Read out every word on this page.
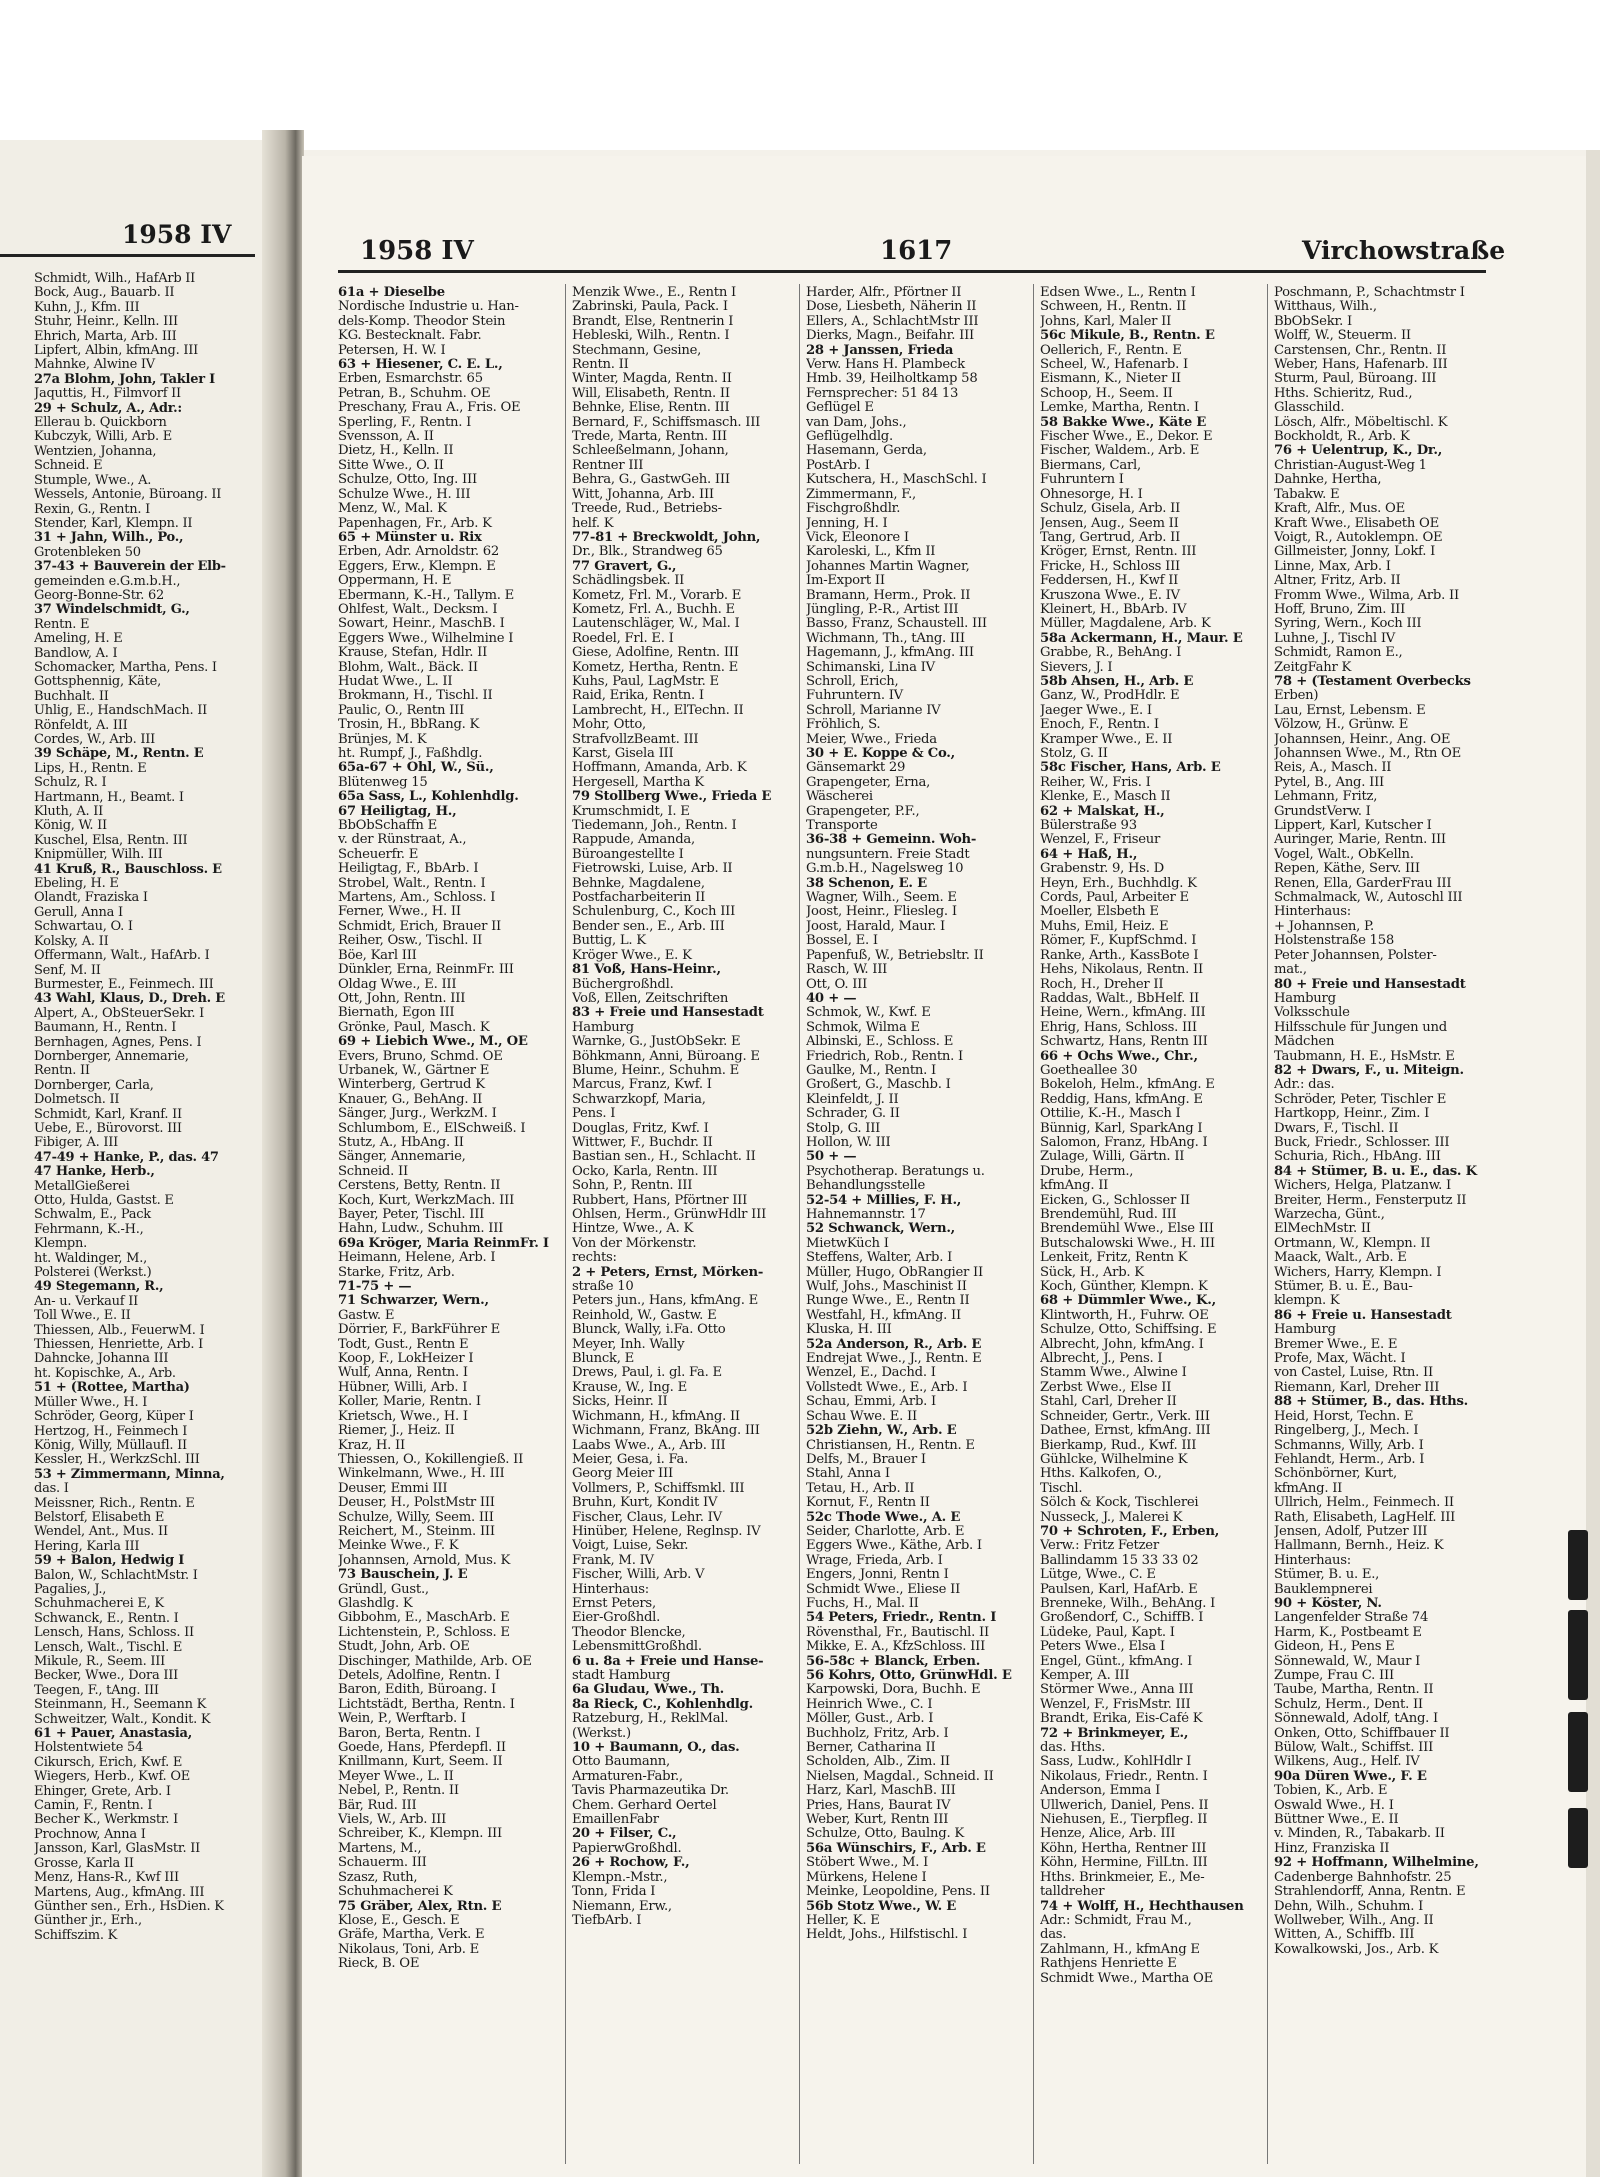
1958 IV
Schmidt, Wilh., HafArb II
Bock, Aug., Bauarb. II
Kuhn, J., Kfm. III
Stuhr, Heinr., Kelln. III
Ehrich, Marta, Arb. III
Lipfert, Albin, kfmAng. III
Mahnke, Alwine IV
27a Blohm, John, Takler I
Jaquttis, H., Filmvorf II
29 + Schulz, A., Adr.:
Ellerau b. Quickborn
Kubczyk, Willi, Arb. E
Wentzien, Johanna,
Schneid. E
Stumple, Wwe., A.
Wessels, Antonie, Büroang. II
Rexin, G., Rentn. I
Stender, Karl, Klempn. II
31 + Jahn, Wilh., Po.,
Grotenbleken 50
37-43 + Bauverein der Elb-
gemeinden e.G.m.b.H.,
Georg-Bonne-Str. 62
37 Windelschmidt, G.,
Rentn. E
Ameling, H. E
Bandlow, A. I
Schomacker, Martha, Pens. I
Gottsphennig, Käte,
Buchhalt. II
Uhlig, E., HandschMach. II
Rönfeldt, A. III
Cordes, W., Arb. III
39 Schäpe, M., Rentn. E
Lips, H., Rentn. E
Schulz, R. I
Hartmann, H., Beamt. I
Kluth, A. II
König, W. II
Kuschel, Elsa, Rentn. III
Knipmüller, Wilh. III
41 Kruß, R., Bauschloss. E
Ebeling, H. E
Olandt, Fraziska I
Gerull, Anna I
Schwartau, O. I
Kolsky, A. II
Offermann, Walt., HafArb. I
Senf, M. II
Burmester, E., Feinmech. III
43 Wahl, Klaus, D., Dreh. E
Alpert, A., ObSteuerSekr. I
Baumann, H., Rentn. I
Bernhagen, Agnes, Pens. I
Dornberger, Annemarie,
Rentn. II
Dornberger, Carla,
Dolmetsch. II
Schmidt, Karl, Kranf. II
Uebe, E., Bürovorst. III
Fibiger, A. III
47-49 + Hanke, P., das. 47
47 Hanke, Herb.,
MetallGießerei
Otto, Hulda, Gastst. E
Schwalm, E., Pack
Fehrmann, K.-H.,
Klempn.
ht. Waldinger, M.,
Polsterei (Werkst.)
49 Stegemann, R.,
An- u. Verkauf II
Toll Wwe., E. II
Thiessen, Alb., FeuerwM. I
Thiessen, Henriette, Arb. I
Dahncke, Johanna III
ht. Kopischke, A., Arb.
51 + (Rottee, Martha)
Müller Wwe., H. I
Schröder, Georg, Küper I
Hertzog, H., Feinmech I
König, Willy, Müllaufl. II
Kessler, H., WerkzSchl. III
53 + Zimmermann, Minna,
das. I
Meissner, Rich., Rentn. E
Belstorf, Elisabeth E
Wendel, Ant., Mus. II
Hering, Karla III
59 + Balon, Hedwig I
Balon, W., SchlachtMstr. I
Pagalies, J.,
Schuhmacherei E, K
Schwanck, E., Rentn. I
Lensch, Hans, Schloss. II
Lensch, Walt., Tischl. E
Mikule, R., Seem. III
Becker, Wwe., Dora III
Teegen, F., tAng. III
Steinmann, H., Seemann K
Schweitzer, Walt., Kondit. K
61 + Pauer, Anastasia,
Holstentwiete 54
Cikursch, Erich, Kwf. E
Wiegers, Herb., Kwf. OE
Ehinger, Grete, Arb. I
Camin, F., Rentn. I
Becher K., Werkmstr. I
Prochnow, Anna I
Jansson, Karl, GlasMstr. II
Grosse, Karla II
Menz, Hans-R., Kwf III
Martens, Aug., kfmAng. III
Günther sen., Erh., HsDien. K
Günther jr., Erh.,
Schiffszim. K
1958 IV	1617	Virchowstraße
61a + Dieselbe
Nordische Industrie u. Han-
dels-Komp. Theodor Stein
KG. Bestecknalt. Fabr.
Petersen, H. W. I
63 + Hiesener, C. E. L.,
Erben, Esmarchstr. 65
Petran, B., Schuhm. OE
Preschany, Frau A., Fris. OE
Sperling, F., Rentn. I
Svensson, A. II
Dietz, H., Kelln. II
Sitte Wwe., O. II
Schulze, Otto, Ing. III
Schulze Wwe., H. III
Menz, W., Mal. K
Papenhagen, Fr., Arb. K
65 + Münster u. Rix
Erben, Adr. Arnoldstr. 62
Eggers, Erw., Klempn. E
Oppermann, H. E
Ebermann, K.-H., Tallym. E
Ohlfest, Walt., Decksm. I
Sowart, Heinr., MaschB. I
Eggers Wwe., Wilhelmine I
Krause, Stefan, Hdlr. II
Blohm, Walt., Bäck. II
Hudat Wwe., L. II
Brokmann, H., Tischl. II
Paulic, O., Rentn III
Trosin, H., BbRang. K
Brünjes, M. K
ht. Rumpf, J., Faßhdlg.
65a-67 + Ohl, W., Sü.,
Blütenweg 15
65a Sass, L., Kohlenhdlg.
67 Heiligtag, H.,
BbObSchaffn E
v. der Rünstraat, A.,
Scheuerfr. E
Heiligtag, F., BbArb. I
Strobel, Walt., Rentn. I
Martens, Am., Schloss. I
Ferner, Wwe., H. II
Schmidt, Erich, Brauer II
Reiher, Osw., Tischl. II
Böe, Karl III
Dünkler, Erna, ReinmFr. III
Oldag Wwe., E. III
Ott, John, Rentn. III
Biernath, Egon III
Grönke, Paul, Masch. K
69 + Liebich Wwe., M., OE
Evers, Bruno, Schmd. OE
Urbanek, W., Gärtner E
Winterberg, Gertrud K
Knauer, G., BehAng. II
Sänger, Jurg., WerkzM. I
Schlumbom, E., ElSchweiß. I
Stutz, A., HbAng. II
Sänger, Annemarie,
Schneid. II
Cerstens, Betty, Rentn. II
Koch, Kurt, WerkzMach. III
Bayer, Peter, Tischl. III
Hahn, Ludw., Schuhm. III
69a Kröger, Maria ReinmFr. I
Heimann, Helene, Arb. I
Starke, Fritz, Arb.
71-75 + —
71 Schwarzer, Wern.,
Gastw. E
Dörrier, F., BarkFührer E
Todt, Gust., Rentn E
Koop, F., LokHeizer I
Wulf, Anna, Rentn. I
Hübner, Willi, Arb. I
Koller, Marie, Rentn. I
Krietsch, Wwe., H. I
Riemer, J., Heiz. II
Kraz, H. II
Thiessen, O., Kokillengieß. II
Winkelmann, Wwe., H. III
Deuser, Emmi III
Deuser, H., PolstMstr III
Schulze, Willy, Seem. III
Reichert, M., Steinm. III
Meinke Wwe., F. K
Johannsen, Arnold, Mus. K
73 Bauschein, J. E
Gründl, Gust.,
Glashdlg. K
Gibbohm, E., MaschArb. E
Lichtenstein, P., Schloss. E
Studt, John, Arb. OE
Dischinger, Mathilde, Arb. OE
Detels, Adolfine, Rentn. I
Baron, Edith, Büroang. I
Lichtstädt, Bertha, Rentn. I
Wein, P., Werftarb. I
Baron, Berta, Rentn. I
Goede, Hans, Pferdepfl. II
Knillmann, Kurt, Seem. II
Meyer Wwe., L. II
Nebel, P., Rentn. II
Bär, Rud. III
Viels, W., Arb. III
Schreiber, K., Klempn. III
Martens, M.,
Schauerm. III
Szasz, Ruth,
Schuhmacherei K
75 Gräber, Alex, Rtn. E
Klose, E., Gesch. E
Gräfe, Martha, Verk. E
Nikolaus, Toni, Arb. E
Rieck, B. OE
Menzik Wwe., E., Rentn I
Zabrinski, Paula, Pack. I
Brandt, Else, Rentnerin I
Hebleski, Wilh., Rentn. I
Stechmann, Gesine,
Rentn. II
Winter, Magda, Rentn. II
Will, Elisabeth, Rentn. II
Behnke, Elise, Rentn. III
Bernard, F., Schiffsmasch. III
Trede, Marta, Rentn. III
Schleeßelmann, Johann,
Rentner III
Behra, G., GastwGeh. III
Witt, Johanna, Arb. III
Treede, Rud., Betriebs-
helf. K
77-81 + Breckwoldt, John,
Dr., Blk., Strandweg 65
77 Gravert, G.,
Schädlingsbek. II
Kometz, Frl. M., Vorarb. E
Kometz, Frl. A., Buchh. E
Lautenschläger, W., Mal. I
Roedel, Frl. E. I
Giese, Adolfine, Rentn. III
Kometz, Hertha, Rentn. E
Kuhs, Paul, LagMstr. E
Raid, Erika, Rentn. I
Lambrecht, H., ElTechn. II
Mohr, Otto,
StrafvollzBeamt. III
Karst, Gisela III
Hoffmann, Amanda, Arb. K
Hergesell, Martha K
79 Stollberg Wwe., Frieda E
Krumschmidt, I. E
Tiedemann, Joh., Rentn. I
Rappude, Amanda,
Büroangestellte I
Fietrowski, Luise, Arb. II
Behnke, Magdalene,
Postfacharbeiterin II
Schulenburg, C., Koch III
Bender sen., E., Arb. III
Buttig, L. K
Kröger Wwe., E. K
81 Voß, Hans-Heinr.,
Büchergroßhdl.
Voß, Ellen, Zeitschriften
83 + Freie und Hansestadt
Hamburg
Warnke, G., JustObSekr. E
Böhkmann, Anni, Büroang. E
Blume, Heinr., Schuhm. E
Marcus, Franz, Kwf. I
Schwarzkopf, Maria,
Pens. I
Douglas, Fritz, Kwf. I
Wittwer, F., Buchdr. II
Bastian sen., H., Schlacht. II
Ocko, Karla, Rentn. III
Sohn, P., Rentn. III
Rubbert, Hans, Pförtner III
Ohlsen, Herm., GrünwHdlr III
Hintze, Wwe., A. K
Von der Mörkenstr.
rechts:
2 + Peters, Ernst, Mörken-
straße 10
Peters jun., Hans, kfmAng. E
Reinhold, W., Gastw. E
Blunck, Wally, i.Fa. Otto
Meyer, Inh. Wally
Blunck, E
Drews, Paul, i. gl. Fa. E
Krause, W., Ing. E
Sicks, Heinr. II
Wichmann, H., kfmAng. II
Wichmann, Franz, BkAng. III
Laabs Wwe., A., Arb. III
Meier, Gesa, i. Fa.
Georg Meier III
Vollmers, P., Schiffsmkl. III
Bruhn, Kurt, Kondit IV
Fischer, Claus, Lehr. IV
Hinüber, Helene, Reglnsp. IV
Voigt, Luise, Sekr.
Frank, M. IV
Fischer, Willi, Arb. V
Hinterhaus:
Ernst Peters,
Eier-Großhdl.
Theodor Blencke,
LebensmittGroßhdl.
6 u. 8a + Freie und Hanse-
stadt Hamburg
6a Gludau, Wwe., Th.
8a Rieck, C., Kohlenhdlg.
Ratzeburg, H., ReklMal.
(Werkst.)
10 + Baumann, O., das.
Otto Baumann,
Armaturen-Fabr.,
Tavis Pharmazeutika Dr.
Chem. Gerhard Oertel
EmaillenFabr
20 + Filser, C.,
PapierwGroßhdl.
26 + Rochow, F.,
Klempn.-Mstr.,
Tonn, Frida I
Niemann, Erw.,
TiefbArb. I
Harder, Alfr., Pförtner II
Dose, Liesbeth, Näherin II
Ellers, A., SchlachtMstr III
Dierks, Magn., Beifahr. III
28 + Janssen, Frieda
Verw. Hans H. Plambeck
Hmb. 39, Heilholtkamp 58
Fernsprecher: 51 84 13
Geflügel E
van Dam, Johs.,
Geflügelhdlg.
Hasemann, Gerda,
PostArb. I
Kutschera, H., MaschSchl. I
Zimmermann, F.,
Fischgroßhdlr.
Jenning, H. I
Vick, Eleonore I
Karoleski, L., Kfm II
Johannes Martin Wagner,
Im-Export II
Bramann, Herm., Prok. II
Jüngling, P.-R., Artist III
Basso, Franz, Schaustell. III
Wichmann, Th., tAng. III
Hagemann, J., kfmAng. III
Schimanski, Lina IV
Schroll, Erich,
Fuhruntern. IV
Schroll, Marianne IV
Fröhlich, S.
Meier, Wwe., Frieda
30 + E. Koppe & Co.,
Gänsemarkt 29
Grapengeter, Erna,
Wäscherei
Grapengeter, P.F.,
Transporte
36-38 + Gemeinn. Woh-
nungsuntern. Freie Stadt
G.m.b.H., Nagelsweg 10
38 Schenon, E. E
Wagner, Wilh., Seem. E
Joost, Heinr., Fliesleg. I
Joost, Harald, Maur. I
Bossel, E. I
Papenfuß, W., Betriebsltr. II
Rasch, W. III
Ott, O. III
40 + —
Schmok, W., Kwf. E
Schmok, Wilma E
Albinski, E., Schloss. E
Friedrich, Rob., Rentn. I
Gaulke, M., Rentn. I
Großert, G., Maschb. I
Kleinfeldt, J. II
Schrader, G. II
Stolp, G. III
Hollon, W. III
50 + —
Psychotherap. Beratungs u.
Behandlungsstelle
52-54 + Millies, F. H.,
Hahnemannstr. 17
52 Schwanck, Wern.,
MietwKüch I
Steffens, Walter, Arb. I
Müller, Hugo, ObRangier II
Wulf, Johs., Maschinist II
Runge Wwe., E., Rentn II
Westfahl, H., kfmAng. II
Kluska, H. III
52a Anderson, R., Arb. E
Endrejat Wwe., J., Rentn. E
Wenzel, E., Dachd. I
Vollstedt Wwe., E., Arb. I
Schau, Emmi, Arb. I
Schau Wwe. E. II
52b Ziehn, W., Arb. E
Christiansen, H., Rentn. E
Delfs, M., Brauer I
Stahl, Anna I
Tetau, H., Arb. II
Kornut, F., Rentn II
52c Thode Wwe., A. E
Seider, Charlotte, Arb. E
Eggers Wwe., Käthe, Arb. I
Wrage, Frieda, Arb. I
Engers, Jonni, Rentn I
Schmidt Wwe., Eliese II
Fuchs, H., Mal. II
54 Peters, Friedr., Rentn. I
Rövensthal, Fr., Bautischl. II
Mikke, E. A., KfzSchloss. III
56-58c + Blanck, Erben.
56 Kohrs, Otto, GrünwHdl. E
Karpowski, Dora, Buchh. E
Heinrich Wwe., C. I
Möller, Gust., Arb. I
Buchholz, Fritz, Arb. I
Berner, Catharina II
Scholden, Alb., Zim. II
Nielsen, Magdal., Schneid. II
Harz, Karl, MaschB. III
Pries, Hans, Baurat IV
Weber, Kurt, Rentn III
Schulze, Otto, Baulng. K
56a Wünschirs, F., Arb. E
Stöbert Wwe., M. I
Mürkens, Helene I
Meinke, Leopoldine, Pens. II
56b Stotz Wwe., W. E
Heller, K. E
Heldt, Johs., Hilfstischl. I
Edsen Wwe., L., Rentn I
Schween, H., Rentn. II
Johns, Karl, Maler II
56c Mikule, B., Rentn. E
Oellerich, F., Rentn. E
Scheel, W., Hafenarb. I
Eismann, K., Nieter II
Schoop, H., Seem. II
Lemke, Martha, Rentn. I
58 Bakke Wwe., Käte E
Fischer Wwe., E., Dekor. E
Fischer, Waldem., Arb. E
Biermans, Carl,
Fuhruntern I
Ohnesorge, H. I
Schulz, Gisela, Arb. II
Jensen, Aug., Seem II
Tang, Gertrud, Arb. II
Kröger, Ernst, Rentn. III
Fricke, H., Schloss III
Feddersen, H., Kwf II
Kruszona Wwe., E. IV
Kleinert, H., BbArb. IV
Müller, Magdalene, Arb. K
58a Ackermann, H., Maur. E
Grabbe, R., BehAng. I
Sievers, J. I
58b Ahsen, H., Arb. E
Ganz, W., ProdHdlr. E
Jaeger Wwe., E. I
Enoch, F., Rentn. I
Kramper Wwe., E. II
Stolz, G. II
58c Fischer, Hans, Arb. E
Reiher, W., Fris. I
Klenke, E., Masch II
62 + Malskat, H.,
Bülerstraße 93
Wenzel, F., Friseur
64 + Haß, H.,
Grabenstr. 9, Hs. D
Heyn, Erh., Buchhdlg. K
Cords, Paul, Arbeiter E
Moeller, Elsbeth E
Muhs, Emil, Heiz. E
Römer, F., KupfSchmd. I
Ranke, Arth., KassBote I
Hehs, Nikolaus, Rentn. II
Roch, H., Dreher II
Raddas, Walt., BbHelf. II
Heine, Wern., kfmAng. III
Ehrig, Hans, Schloss. III
Schwartz, Hans, Rentn III
66 + Ochs Wwe., Chr.,
Goetheallee 30
Bokeloh, Helm., kfmAng. E
Reddig, Hans, kfmAng. E
Ottilie, K.-H., Masch I
Bünnig, Karl, SparkAng I
Salomon, Franz, HbAng. I
Zulage, Willi, Gärtn. II
Drube, Herm.,
kfmAng. II
Eicken, G., Schlosser II
Brendemühl, Rud. III
Brendemühl Wwe., Else III
Butschalowski Wwe., H. III
Lenkeit, Fritz, Rentn K
Sück, H., Arb. K
Koch, Günther, Klempn. K
68 + Dümmler Wwe., K.,
Klintworth, H., Fuhrw. OE
Schulze, Otto, Schiffsing. E
Albrecht, John, kfmAng. I
Albrecht, J., Pens. I
Stamm Wwe., Alwine I
Zerbst Wwe., Else II
Stahl, Carl, Dreher II
Schneider, Gertr., Verk. III
Dathee, Ernst, kfmAng. III
Bierkamp, Rud., Kwf. III
Gühlcke, Wilhelmine K
Hths. Kalkofen, O.,
Tischl.
Sölch & Kock, Tischlerei
Nusseck, J., Malerei K
70 + Schroten, F., Erben,
Verw.: Fritz Fetzer
Ballindamm 15 33 33 02
Lütge, Wwe., C. E
Paulsen, Karl, HafArb. E
Brenneke, Wilh., BehAng. I
Großendorf, C., SchiffB. I
Lüdeke, Paul, Kapt. I
Peters Wwe., Elsa I
Engel, Günt., kfmAng. I
Kemper, A. III
Störmer Wwe., Anna III
Wenzel, F., FrisMstr. III
Brandt, Erika, Eis-Café K
72 + Brinkmeyer, E.,
das. Hths.
Sass, Ludw., KohlHdlr I
Nikolaus, Friedr., Rentn. I
Anderson, Emma I
Ullwerich, Daniel, Pens. II
Niehusen, E., Tierpfleg. II
Henze, Alice, Arb. III
Köhn, Hertha, Rentner III
Köhn, Hermine, FilLtn. III
Hths. Brinkmeier, E., Me-
talldreher
74 + Wolff, H., Hechthausen
Adr.: Schmidt, Frau M.,
das.
Zahlmann, H., kfmAng E
Rathjens Henriette E
Schmidt Wwe., Martha OE
Poschmann, P., Schachtmstr I
Witthaus, Wilh.,
BbObSekr. I
Wolff, W., Steuerm. II
Carstensen, Chr., Rentn. II
Weber, Hans, Hafenarb. III
Sturm, Paul, Büroang. III
Hths. Schieritz, Rud.,
Glasschild.
Lösch, Alfr., Möbeltischl. K
Bockholdt, R., Arb. K
76 + Uelentrup, K., Dr.,
Christian-August-Weg 1
Dahnke, Hertha,
Tabakw. E
Kraft, Alfr., Mus. OE
Kraft Wwe., Elisabeth OE
Voigt, R., Autoklempn. OE
Gillmeister, Jonny, Lokf. I
Linne, Max, Arb. I
Altner, Fritz, Arb. II
Fromm Wwe., Wilma, Arb. II
Hoff, Bruno, Zim. III
Syring, Wern., Koch III
Luhne, J., Tischl IV
Schmidt, Ramon E.,
ZeitgFahr K
78 + (Testament Overbecks
Erben)
Lau, Ernst, Lebensm. E
Völzow, H., Grünw. E
Johannsen, Heinr., Ang. OE
Johannsen Wwe., M., Rtn OE
Reis, A., Masch. II
Pytel, B., Ang. III
Lehmann, Fritz,
GrundstVerw. I
Lippert, Karl, Kutscher I
Auringer, Marie, Rentn. III
Vogel, Walt., ObKelln.
Repen, Käthe, Serv. III
Renen, Ella, GarderFrau III
Schmalmack, W., Autoschl III
Hinterhaus:
+ Johannsen, P.
Holstenstraße 158
Peter Johannsen, Polster-
mat.,
80 + Freie und Hansestadt
Hamburg
Volksschule
Hilfsschule für Jungen und
Mädchen
Taubmann, H. E., HsMstr. E
82 + Dwars, F., u. Miteign.
Adr.: das.
Schröder, Peter, Tischler E
Hartkopp, Heinr., Zim. I
Dwars, F., Tischl. II
Buck, Friedr., Schlosser. III
Schuria, Rich., HbAng. III
84 + Stümer, B. u. E., das. K
Wichers, Helga, Platzanw. I
Breiter, Herm., Fensterputz II
Warzecha, Günt.,
ElMechMstr. II
Ortmann, W., Klempn. II
Maack, Walt., Arb. E
Wichers, Harry, Klempn. I
Stümer, B. u. E., Bau-
klempn. K
86 + Freie u. Hansestadt
Hamburg
Bremer Wwe., E. E
Profe, Max, Wächt. I
von Castel, Luise, Rtn. II
Riemann, Karl, Dreher III
88 + Stümer, B., das. Hths.
Heid, Horst, Techn. E
Ringelberg, J., Mech. I
Schmanns, Willy, Arb. I
Fehlandt, Herm., Arb. I
Schönbörner, Kurt,
kfmAng. II
Ullrich, Helm., Feinmech. II
Rath, Elisabeth, LagHelf. III
Jensen, Adolf, Putzer III
Hallmann, Bernh., Heiz. K
Hinterhaus:
Stümer, B. u. E.,
Bauklempnerei
90 + Köster, N.
Langenfelder Straße 74
Harm, K., Postbeamt E
Gideon, H., Pens E
Sönnewald, W., Maur I
Zumpe, Frau C. III
Taube, Martha, Rentn. II
Schulz, Herm., Dent. II
Sönnewald, Adolf, tAng. I
Onken, Otto, Schiffbauer II
Bülow, Walt., Schiffst. III
Wilkens, Aug., Helf. IV
90a Düren Wwe., F. E
Tobien, K., Arb. E
Oswald Wwe., H. I
Büttner Wwe., E. II
v. Minden, R., Tabakarb. II
Hinz, Franziska II
92 + Hoffmann, Wilhelmine,
Cadenberge Bahnhofstr. 25
Strahlendorff, Anna, Rentn. E
Dehn, Wilh., Schuhm. I
Wollweber, Wilh., Ang. II
Witten, A., Schiffb. III
Kowalkowski, Jos., Arb. K
